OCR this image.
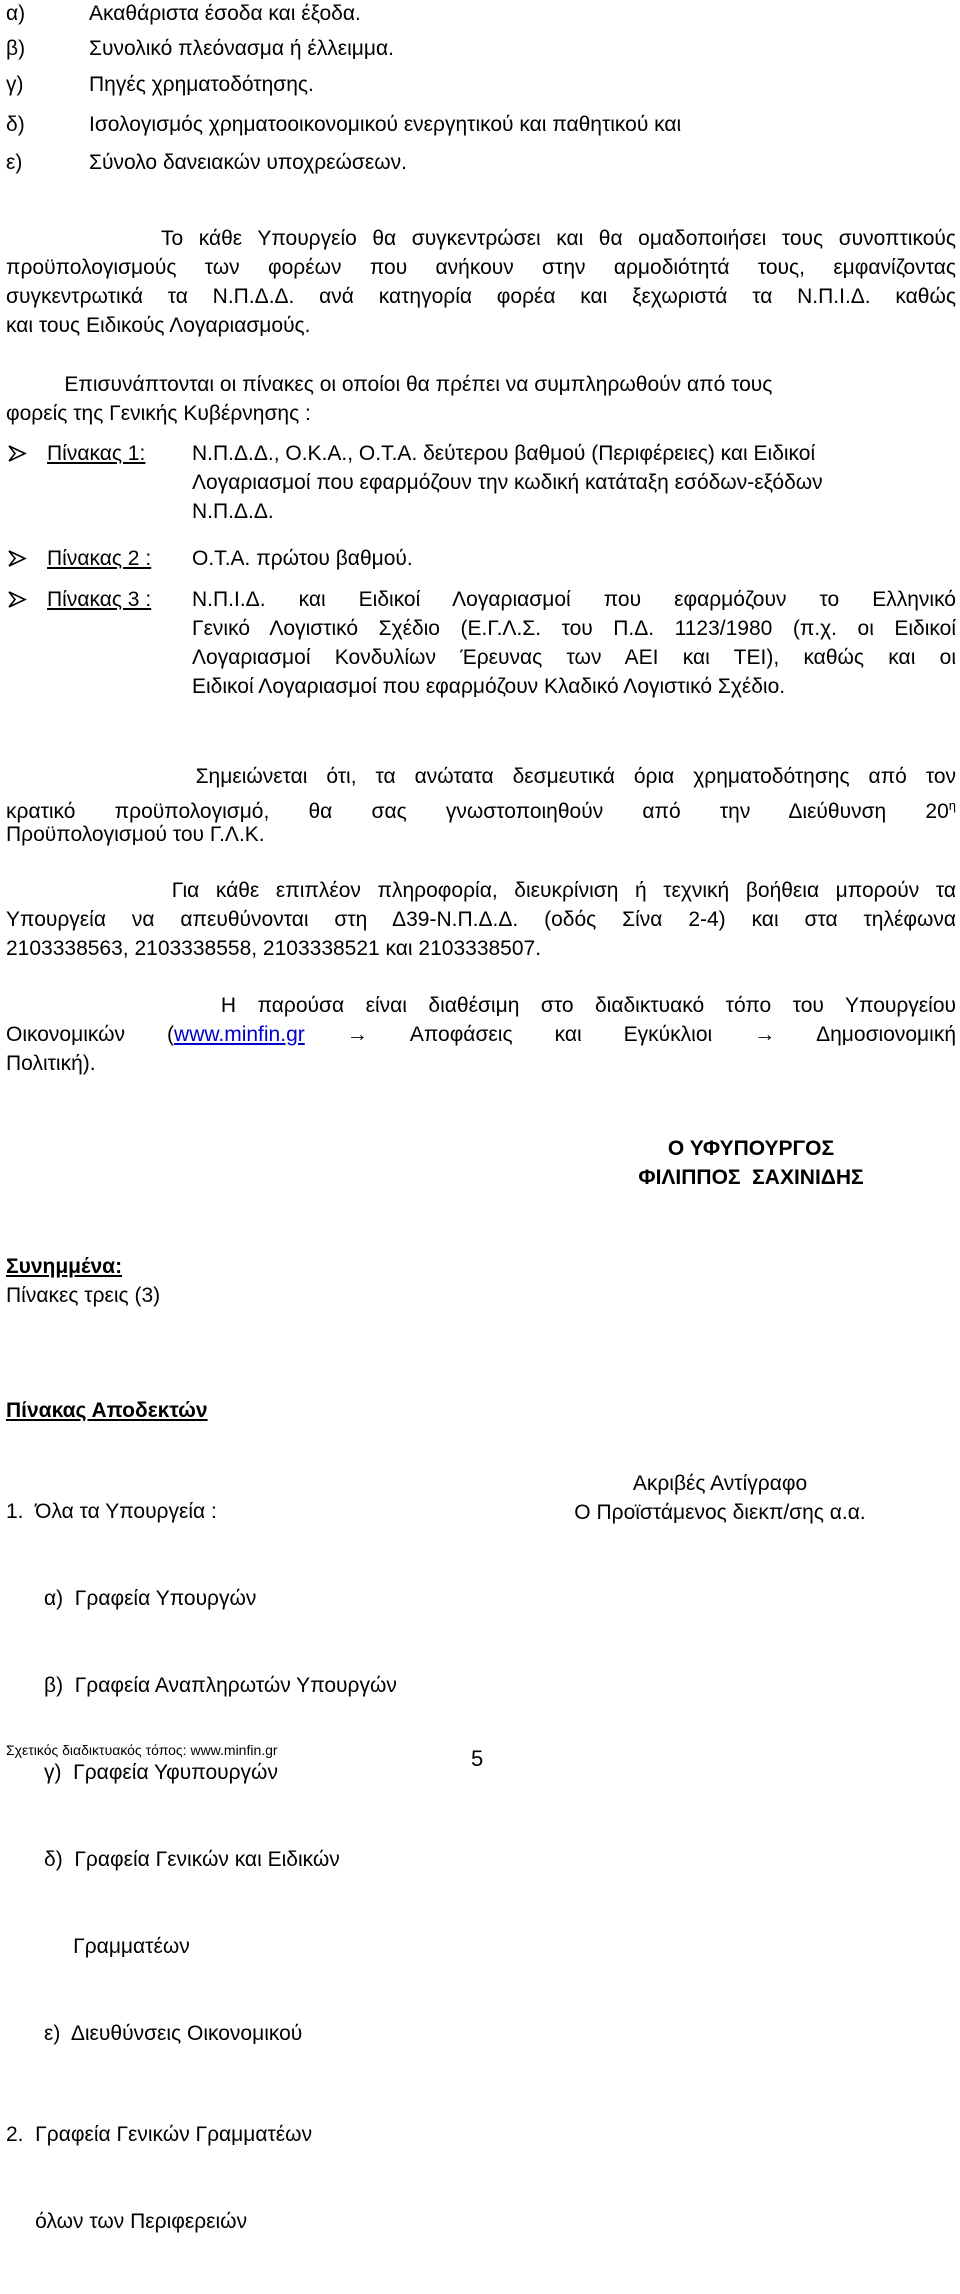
α)	Ακαθάριστα έσοδα και έξοδα.
β)	Συνολικό πλεόνασμα ή έλλειμμα.
γ)	Πηγές χρηματοδότησης.
δ)	Ισολογισμός χρηματοοικονομικού ενεργητικού και παθητικού και
ε)	Σύνολο δανειακών υποχρεώσεων.
Το κάθε Υπουργείο θα συγκεντρώσει και θα ομαδοποιήσει τους συνοπτικούς
προϋπολογισμούς των φορέων που ανήκουν στην αρμοδιότητά τους, εμφανίζοντας
συγκεντρωτικά τα Ν.Π.Δ.Δ. ανά κατηγορία φορέα και ξεχωριστά τα Ν.Π.Ι.Δ. καθώς
και τους Ειδικούς Λογαριασμούς.
Επισυνάπτονται οι πίνακες οι οποίοι θα πρέπει να συμπληρωθούν από τους
φορείς της Γενικής Κυβέρνησης :
Πίνακας 1: Ν.Π.Δ.Δ., Ο.Κ.Α., Ο.Τ.Α. δεύτερου βαθμού (Περιφέρειες) και Ειδικοί
Λογαριασμοί που εφαρμόζουν την κωδική κατάταξη εσόδων-εξόδων
Ν.Π.Δ.Δ.
Πίνακας 2 : Ο.Τ.Α. πρώτου βαθμού.
Πίνακας 3 : Ν.Π.Ι.Δ. και Ειδικοί Λογαριασμοί που εφαρμόζουν το Ελληνικό
Γενικό Λογιστικό Σχέδιο (Ε.Γ.Λ.Σ. του Π.Δ. 1123/1980 (π.χ. οι Ειδικοί
Λογαριασμοί Κονδυλίων Έρευνας των ΑΕΙ και ΤΕΙ), καθώς και οι
Ειδικοί Λογαριασμοί που εφαρμόζουν Κλαδικό Λογιστικό Σχέδιο.
Σημειώνεται ότι, τα ανώτατα δεσμευτικά όρια χρηματοδότησης από τον
κρατικό προϋπολογισμό, θα σας γνωστοποιηθούν από την Διεύθυνση $20^\eta$
Προϋπολογισμού του Γ.Λ.Κ.
Για κάθε επιπλέον πληροφορία, διευκρίνιση ή τεχνική βοήθεια μπορούν τα
Υπουργεία να απευθύνονται στη Δ39-Ν.Π.Δ.Δ. (οδός Σίνα 2-4) και στα τηλέφωνα
2103338563, 2103338558, 2103338521 και 2103338507.
Η παρούσα είναι διαθέσιμη στο διαδικτυακό τόπο του Υπουργείου
Οικονομικών (www.minfin.gr → Αποφάσεις και Εγκύκλιοι → Δημοσιονομική
Πολιτική).
Ο ΥΦΥΠΟΥΡΓΟΣ
ΦΙΛΙΠΠΟΣ  ΣΑΧΙΝΙΔΗΣ
Συνημμένα:
Πίνακες τρεις (3)

Πίνακας Αποδεκτών

1.  Όλα τα Υπουργεία :

α)  Γραφεία Υπουργών

β)  Γραφεία Αναπληρωτών Υπουργών

γ)  Γραφεία Υφυπουργών

δ)  Γραφεία Γενικών και Ειδικών

Γραμματέων

ε)  Διευθύνσεις Οικονομικού

2.  Γραφεία Γενικών Γραμματέων

όλων των Περιφερειών

Ακριβές Αντίγραφο
Ο Προϊστάμενος διεκπ/σης α.α.
Σχετικός διαδικτυακός τόπος: www.minfin.gr	5
